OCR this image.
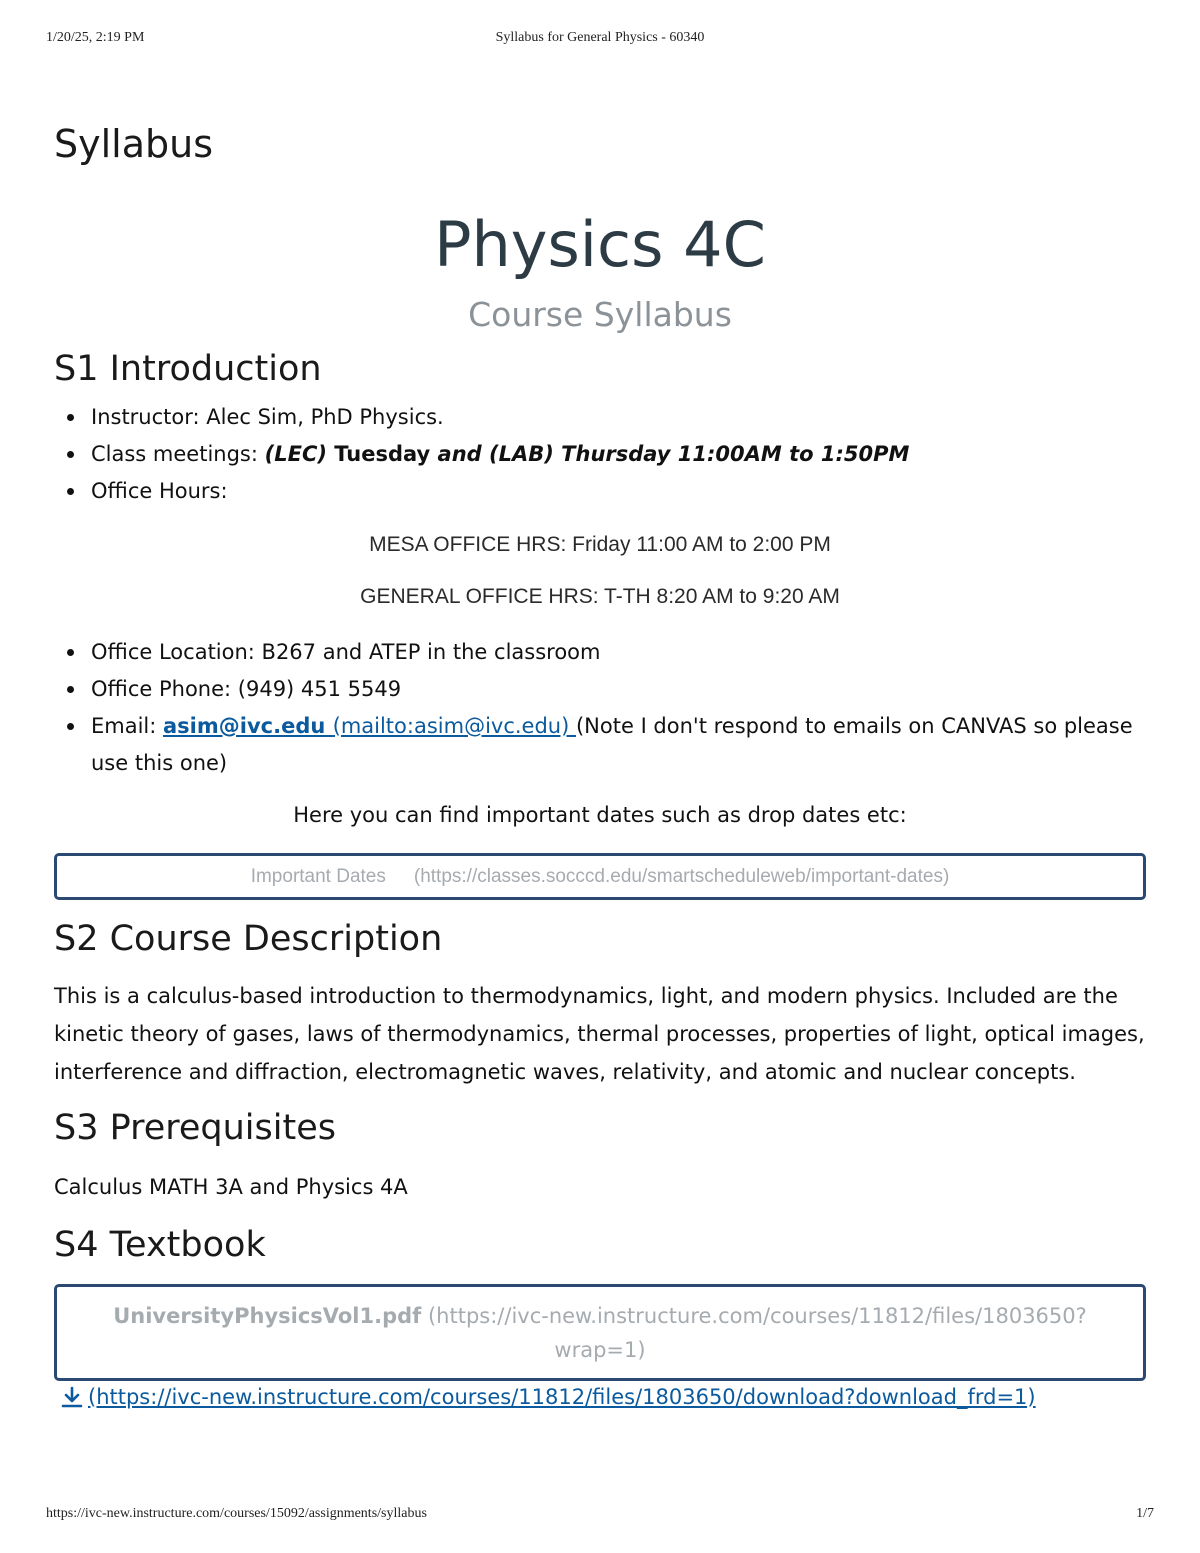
1/20/25, 2:19 PM	Syllabus for General Physics - 60340
Syllabus
Physics 4C
Course Syllabus
S1 Introduction
Instructor: Alec Sim, PhD Physics.
Class meetings: (LEC) Tuesday and (LAB) Thursday 11:00AM to 1:50PM
Office Hours:
MESA OFFICE HRS: Friday 11:00 AM to 2:00 PM
GENERAL OFFICE HRS: T-TH 8:20 AM to 9:20 AM
Office Location: B267 and ATEP in the classroom
Office Phone: (949) 451 5549
Email: asim@ivc.edu (mailto:asim@ivc.edu) (Note I don't respond to emails on CANVAS so please use this one)
Here you can find important dates such as drop dates etc:
Important Dates (https://classes.socccd.edu/smartscheduleweb/important-dates)
S2 Course Description

This is a calculus-based introduction to thermodynamics, light, and modern physics. Included are the kinetic theory of gases, laws of thermodynamics, thermal processes, properties of light, optical images, interference and diffraction, electromagnetic waves, relativity, and atomic and nuclear concepts.

S3 Prerequisites

Calculus MATH 3A and Physics 4A

S4 Textbook
UniversityPhysicsVol1.pdf (https://ivc-new.instructure.com/courses/11812/files/1803650?wrap=1)
(https://ivc-new.instructure.com/courses/11812/files/1803650/download?download_frd=1)
https://ivc-new.instructure.com/courses/15092/assignments/syllabus	1/7
